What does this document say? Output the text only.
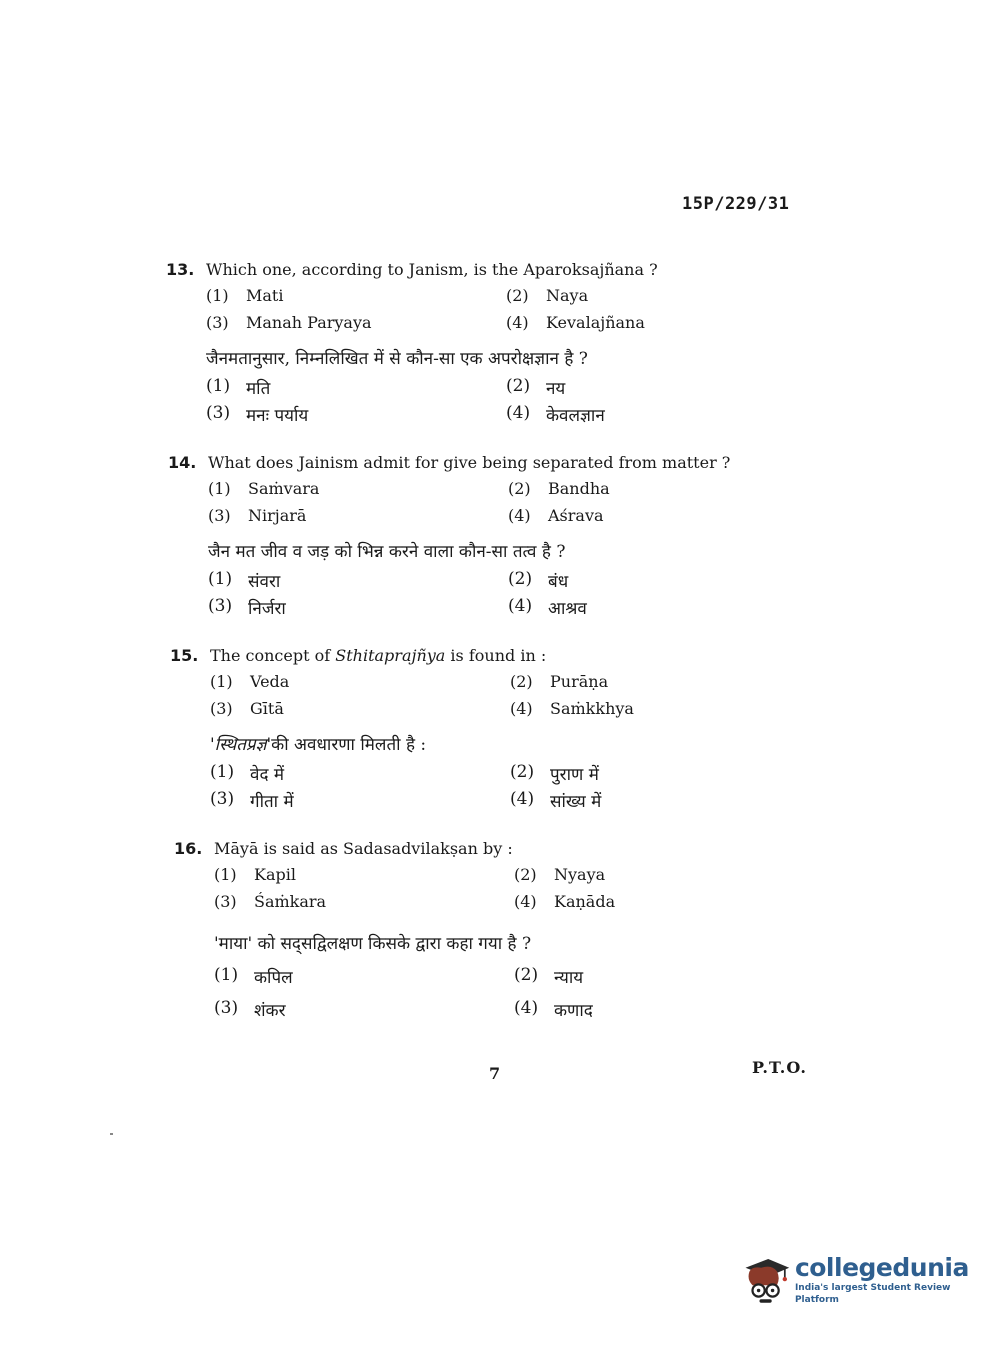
15P/229/31
13. Which one, according to Janism, is the Aparoksajñana ?
(1)	Mati	(2)	Naya
(3)	Manah Paryaya	(4)	Kevalajñana
जैनमतानुसार, निम्नलिखित में से कौन-सा एक अपरोक्षज्ञान है ?
(1) मति	(2) नय
(3) मनः पर्याय	(4) केवलज्ञान
14. What does Jainism admit for give being separated from matter ?
(1)	Saṁvara	(2)	Bandha
(3)	Nirjarā	(4)	Aśrava
जैन मत जीव व जड़ को भिन्न करने वाला कौन-सा तत्व है ?
(1) संवरा	(2) बंध
(3) निर्जरा	(4) आश्रव
15. The concept of Sthitaprajñya is found in :
(1)	Veda	(2)	Purāṇa
(3)	Gītā	(4)	Saṁkkhya
'स्थितप्रज्ञ' की अवधारणा मिलती है :
(1) वेद में	(2) पुराण में
(3) गीता में	(4) सांख्य में
16. Māyā is said as Sadasadvilakṣan by :
(1)	Kapil	(2)	Nyaya
(3)	Śaṁkara	(4)	Kaṇāda
'माया' को सद्सद्विलक्षण किसके द्वारा कहा गया है ?
(1) कपिल	(2) न्याय
(3) शंकर	(4) कणाद
7	P.T.O.
collegedunia
India's largest Student Review Platform
